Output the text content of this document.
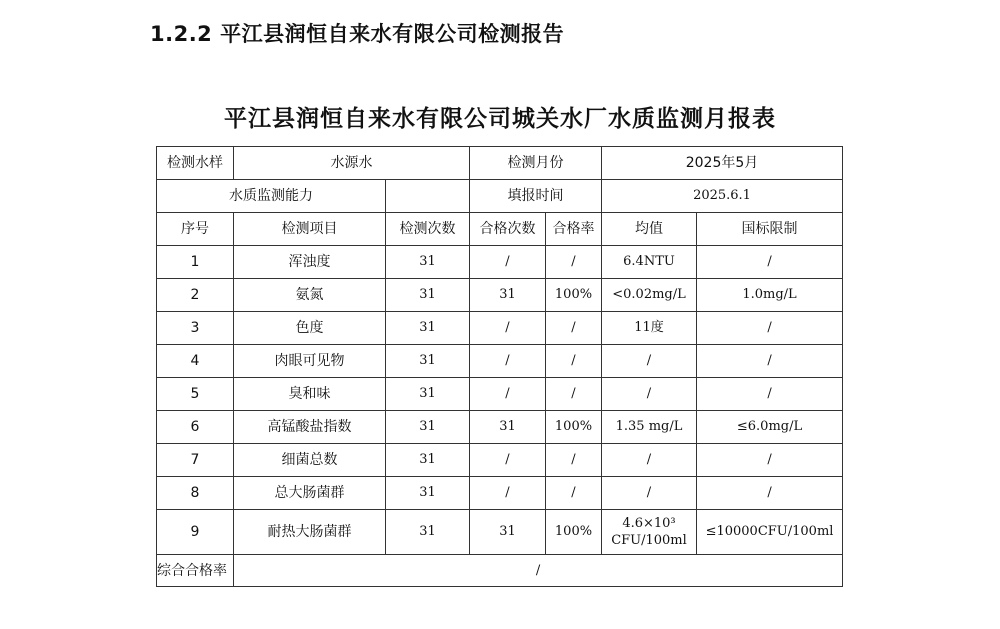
1.2.2 平江县润恒自来水有限公司检测报告
平江县润恒自来水有限公司城关水厂水质监测月报表
检测水样	水源水		检测月份		2025年5月	
水质监测能力			填报时间		2025.6.1	
序号	检测项目	检测次数	合格次数	合格率	均值	国标限制
1	浑浊度	31	/	/	6.4NTU	/
2	氨氮	31	31	100%	<0.02mg/L	1.0mg/L
3	色度	31	/	/	11度	/
4	肉眼可见物	31	/	/	/	/
5	臭和味	31	/	/	/	/
6	高锰酸盐指数	31	31	100%	1.35 mg/L	≤6.0mg/L
7	细菌总数	31	/	/	/	/
8	总大肠菌群	31	/	/	/	/
9	耐热大肠菌群	31	31	100%	4.6×10³ CFU/100ml	≤10000CFU/100ml
综合合格率	/					
